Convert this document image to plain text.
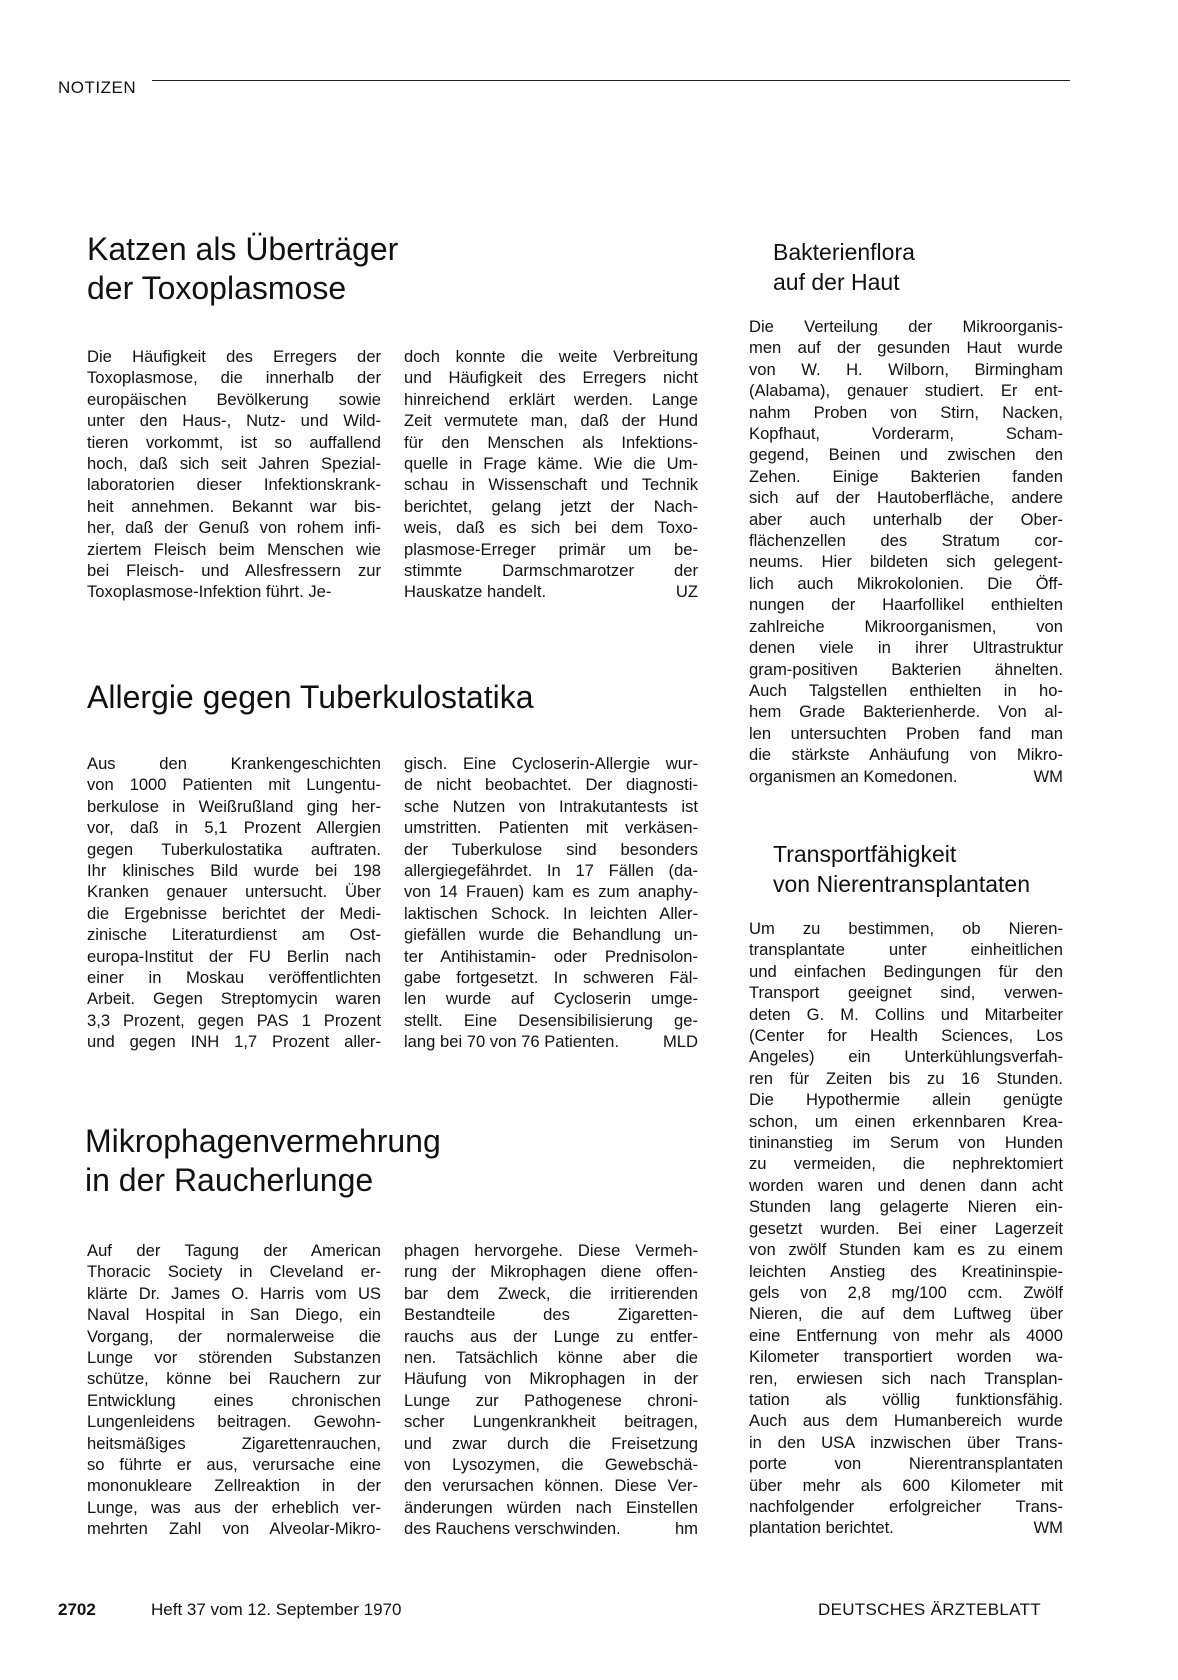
NOTIZEN
Katzen als Überträger
der Toxoplasmose
Die Häufigkeit des Erregers der
Toxoplasmose, die innerhalb der
europäischen Bevölkerung sowie
unter den Haus-, Nutz- und Wild-
tieren vorkommt, ist so auffallend
hoch, daß sich seit Jahren Spezial-
laboratorien dieser Infektionskrank-
heit annehmen. Bekannt war bis-
her, daß der Genuß von rohem infi-
ziertem Fleisch beim Menschen wie
bei Fleisch- und Allesfressern zur
Toxoplasmose-Infektion führt. Je-
doch konnte die weite Verbreitung
und Häufigkeit des Erregers nicht
hinreichend erklärt werden. Lange
Zeit vermutete man, daß der Hund
für den Menschen als Infektions-
quelle in Frage käme. Wie die Um-
schau in Wissenschaft und Technik
berichtet, gelang jetzt der Nach-
weis, daß es sich bei dem Toxo-
plasmose-Erreger primär um be-
stimmte Darmschmarotzer der
Hauskatze handelt.	UZ
Allergie gegen Tuberkulostatika
Aus den Krankengeschichten
von 1000 Patienten mit Lungentu-
berkulose in Weißrußland ging her-
vor, daß in 5,1 Prozent Allergien
gegen Tuberkulostatika auftraten.
Ihr klinisches Bild wurde bei 198
Kranken genauer untersucht. Über
die Ergebnisse berichtet der Medi-
zinische Literaturdienst am Ost-
europa-Institut der FU Berlin nach
einer in Moskau veröffentlichten
Arbeit. Gegen Streptomycin waren
3,3 Prozent, gegen PAS 1 Prozent
und gegen INH 1,7 Prozent aller-
gisch. Eine Cycloserin-Allergie wur-
de nicht beobachtet. Der diagnosti-
sche Nutzen von Intrakutantests ist
umstritten. Patienten mit verkäsen-
der Tuberkulose sind besonders
allergiegefährdet. In 17 Fällen (da-
von 14 Frauen) kam es zum anaphy-
laktischen Schock. In leichten Aller-
giefällen wurde die Behandlung un-
ter Antihistamin- oder Prednisolon-
gabe fortgesetzt. In schweren Fäl-
len wurde auf Cycloserin umge-
stellt. Eine Desensibilisierung ge-
lang bei 70 von 76 Patienten.	MLD
Mikrophagenvermehrung
in der Raucherlunge
Auf der Tagung der American
Thoracic Society in Cleveland er-
klärte Dr. James O. Harris vom US
Naval Hospital in San Diego, ein
Vorgang, der normalerweise die
Lunge vor störenden Substanzen
schütze, könne bei Rauchern zur
Entwicklung eines chronischen
Lungenleidens beitragen. Gewohn-
heitsmäßiges Zigarettenrauchen,
so führte er aus, verursache eine
mononukleare Zellreaktion in der
Lunge, was aus der erheblich ver-
mehrten Zahl von Alveolar-Mikro-
phagen hervorgehe. Diese Vermeh-
rung der Mikrophagen diene offen-
bar dem Zweck, die irritierenden
Bestandteile des Zigaretten-
rauchs aus der Lunge zu entfer-
nen. Tatsächlich könne aber die
Häufung von Mikrophagen in der
Lunge zur Pathogenese chroni-
scher Lungenkrankheit beitragen,
und zwar durch die Freisetzung
von Lysozymen, die Gewebschä-
den verursachen können. Diese Ver-
änderungen würden nach Einstellen
des Rauchens verschwinden.	hm
Bakterienflora
auf der Haut
Die Verteilung der Mikroorganis-
men auf der gesunden Haut wurde
von W. H. Wilborn, Birmingham
(Alabama), genauer studiert. Er ent-
nahm Proben von Stirn, Nacken,
Kopfhaut, Vorderarm, Scham-
gegend, Beinen und zwischen den
Zehen. Einige Bakterien fanden
sich auf der Hautoberfläche, andere
aber auch unterhalb der Ober-
flächenzellen des Stratum cor-
neums. Hier bildeten sich gelegent-
lich auch Mikrokolonien. Die Öff-
nungen der Haarfollikel enthielten
zahlreiche Mikroorganismen, von
denen viele in ihrer Ultrastruktur
gram-positiven Bakterien ähnelten.
Auch Talgstellen enthielten in ho-
hem Grade Bakterienherde. Von al-
len untersuchten Proben fand man
die stärkste Anhäufung von Mikro-
organismen an Komedonen.	WM
Transportfähigkeit
von Nierentransplantaten
Um zu bestimmen, ob Nieren-
transplantate unter einheitlichen
und einfachen Bedingungen für den
Transport geeignet sind, verwen-
deten G. M. Collins und Mitarbeiter
(Center for Health Sciences, Los
Angeles) ein Unterkühlungsverfah-
ren für Zeiten bis zu 16 Stunden.
Die Hypothermie allein genügte
schon, um einen erkennbaren Krea-
tininanstieg im Serum von Hunden
zu vermeiden, die nephrektomiert
worden waren und denen dann acht
Stunden lang gelagerte Nieren ein-
gesetzt wurden. Bei einer Lagerzeit
von zwölf Stunden kam es zu einem
leichten Anstieg des Kreatininspie-
gels von 2,8 mg/100 ccm. Zwölf
Nieren, die auf dem Luftweg über
eine Entfernung von mehr als 4000
Kilometer transportiert worden wa-
ren, erwiesen sich nach Transplan-
tation als völlig funktionsfähig.
Auch aus dem Humanbereich wurde
in den USA inzwischen über Trans-
porte von Nierentransplantaten
über mehr als 600 Kilometer mit
nachfolgender erfolgreicher Trans-
plantation berichtet.	WM
2702	Heft 37 vom 12. September 1970	DEUTSCHES ÄRZTEBLATT
